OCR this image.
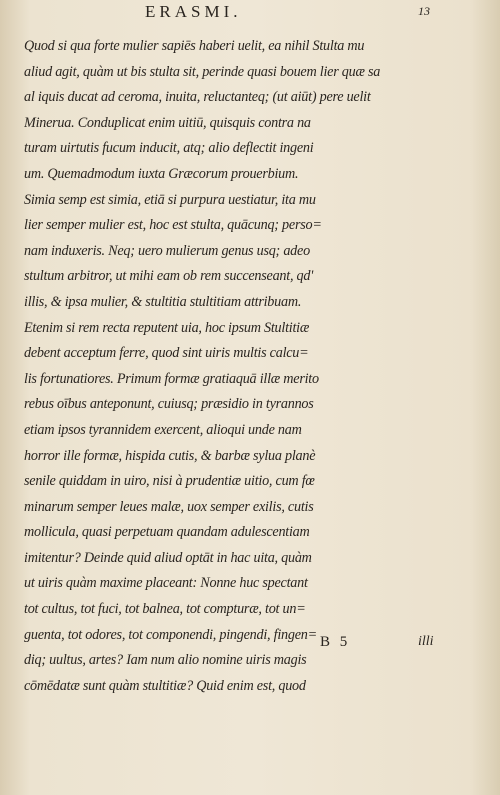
ERASMI.	13
Quod si qua forte mulier sapiēs haberi uelit, ea nihil Stulta mu
aliud agit, quàm ut bis stulta sit, perinde quasi bouem lier quæ sa
al iquis ducat ad ceroma, inuita, reluctanteq; (ut aiūt) pere uelit
Minerua. Conduplicat enim uitiū, quisquis contra na
turam uirtutis fucum inducit, atq; alio deflectit ingeni
um. Quemadmodum iuxta Græcorum prouerbium.
Simia semp est simia, etiā si purpura uestiatur, ita mu
lier semper mulier est, hoc est stulta, quācunq; perso=
nam induxeris. Neq; uero mulierum genus usq; adeo
stultum arbitror, ut mihi eam ob rem succenseant, qd'
illis, & ipsa mulier, & stultitia stultitiam attribuam.
Etenim si rem recta reputent uia, hoc ipsum Stultitiæ
debent acceptum ferre, quod sint uiris multis calcu=
lis fortunatiores. Primum formæ gratiaquā illæ merito
rebus oībus anteponunt, cuiusq; præsidio in tyrannos
etiam ipsos tyrannidem exercent, alioqui unde nam
horror ille formæ, hispida cutis, & barbæ sylua planè
senile quiddam in uiro, nisi à prudentiæ uitio, cum fœ
minarum semper leues malæ, uox semper exilis, cutis
mollicula, quasi perpetuam quandam adulescentiam
imitentur? Deinde quid aliud optāt in hac uita, quàm
ut uiris quàm maxime placeant: Nonne huc spectant
tot cultus, tot fuci, tot balnea, tot compturæ, tot un=
guenta, tot odores, tot componendi, pingendi, fingen=
diq; uultus, artes? Iam num alio nomine uiris magis
cōmēdatæ sunt quàm stultitiæ? Quid enim est, quod
B 5	illi
